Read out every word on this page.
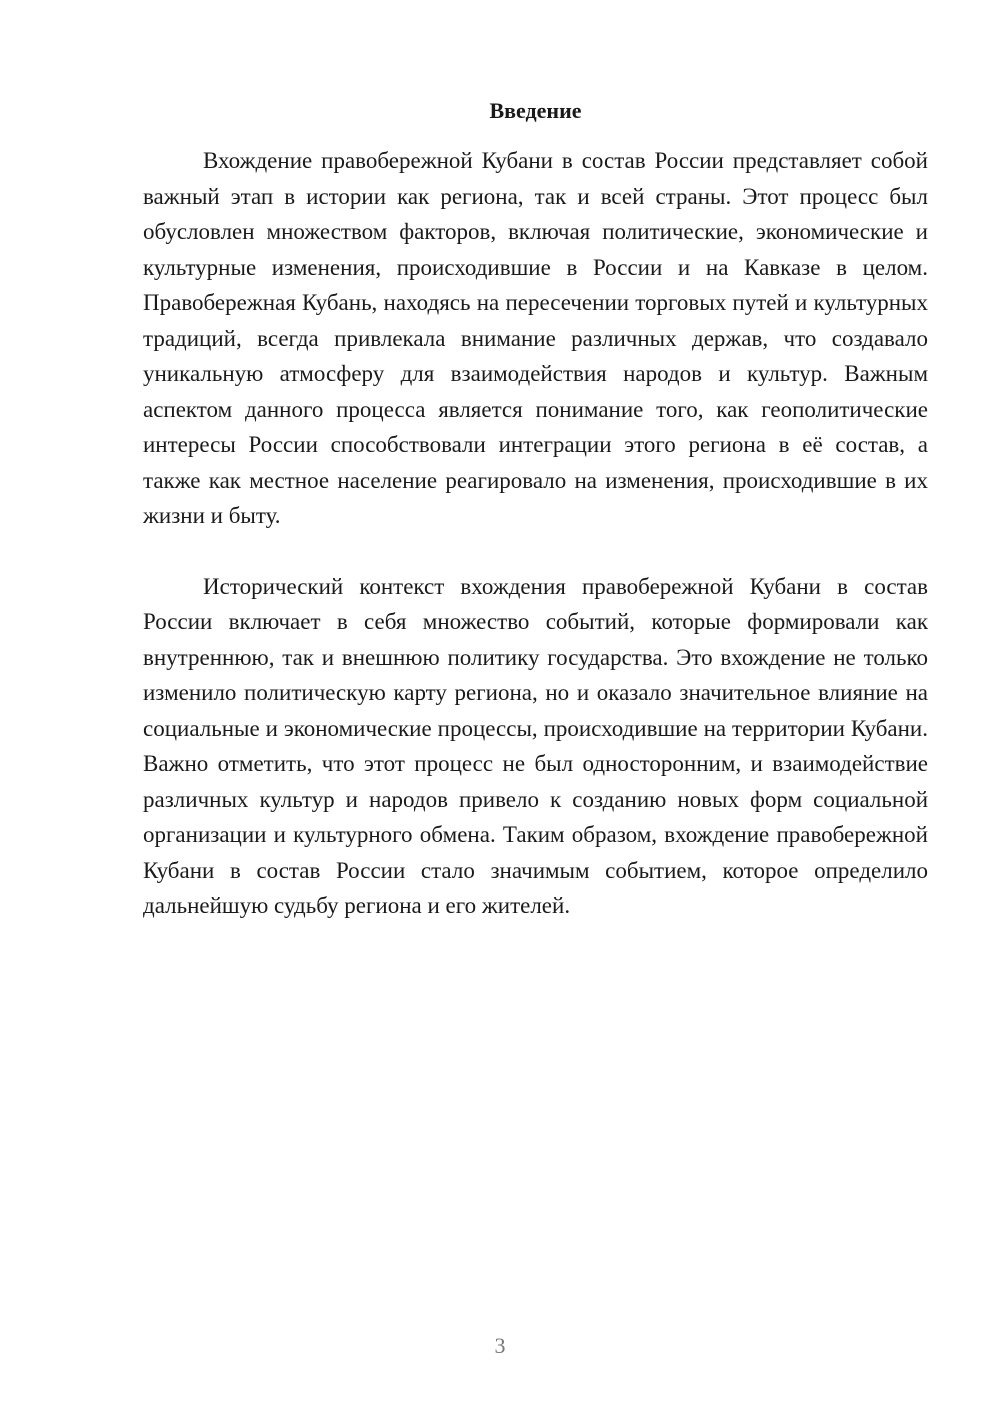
Введение

Вхождение правобережной Кубани в состав России представляет собой важный этап в истории как региона, так и всей страны. Этот процесс был обусловлен множеством факторов, включая политические, экономические и культурные изменения, происходившие в России и на Кавказе в целом. Правобережная Кубань, находясь на пересечении торговых путей и культурных традиций, всегда привлекала внимание различных держав, что создавало уникальную атмосферу для взаимодействия народов и культур. Важным аспектом данного процесса является понимание того, как геополитические интересы России способствовали интеграции этого региона в её состав, а также как местное население реагировало на изменения, происходившие в их жизни и быту.

Исторический контекст вхождения правобережной Кубани в состав России включает в себя множество событий, которые формировали как внутреннюю, так и внешнюю политику государства. Это вхождение не только изменило политическую карту региона, но и оказало значительное влияние на социальные и экономические процессы, происходившие на территории Кубани. Важно отметить, что этот процесс не был односторонним, и взаимодействие различных культур и народов привело к созданию новых форм социальной организации и культурного обмена. Таким образом, вхождение правобережной Кубани в состав России стало значимым событием, которое определило дальнейшую судьбу региона и его жителей.

3
